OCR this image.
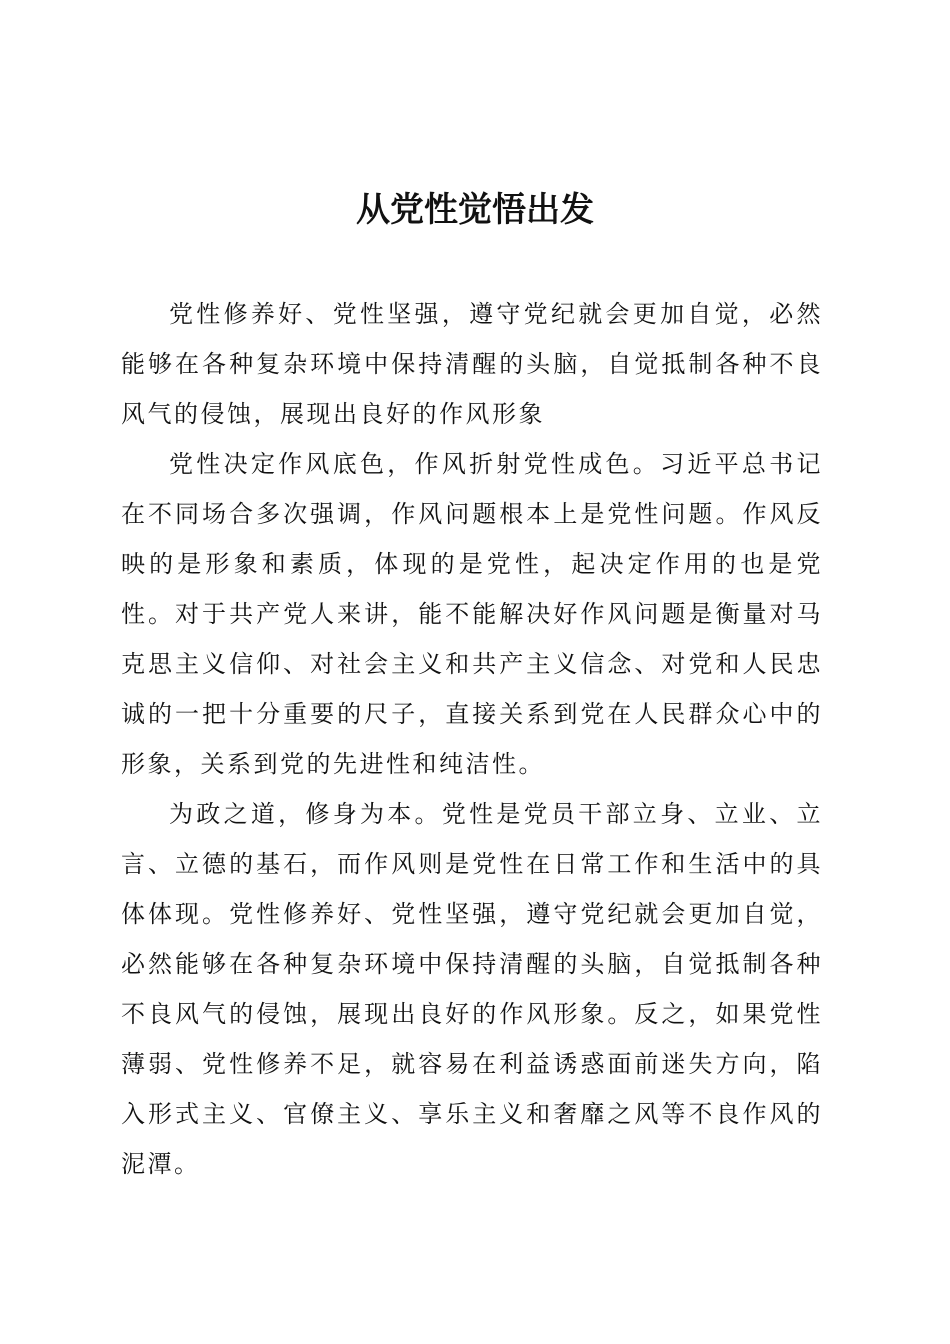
从党性觉悟出发

党性修养好、党性坚强，遵守党纪就会更加自觉，必然能够在各种复杂环境中保持清醒的头脑，自觉抵制各种不良风气的侵蚀，展现出良好的作风形象

党性决定作风底色，作风折射党性成色。习近平总书记在不同场合多次强调，作风问题根本上是党性问题。作风反映的是形象和素质，体现的是党性，起决定作用的也是党性。对于共产党人来讲，能不能解决好作风问题是衡量对马克思主义信仰、对社会主义和共产主义信念、对党和人民忠诚的一把十分重要的尺子，直接关系到党在人民群众心中的形象，关系到党的先进性和纯洁性。

为政之道，修身为本。党性是党员干部立身、立业、立言、立德的基石，而作风则是党性在日常工作和生活中的具体体现。党性修养好、党性坚强，遵守党纪就会更加自觉，必然能够在各种复杂环境中保持清醒的头脑，自觉抵制各种不良风气的侵蚀，展现出良好的作风形象。反之，如果党性薄弱、党性修养不足，就容易在利益诱惑面前迷失方向，陷入形式主义、官僚主义、享乐主义和奢靡之风等不良作风的泥潭。
